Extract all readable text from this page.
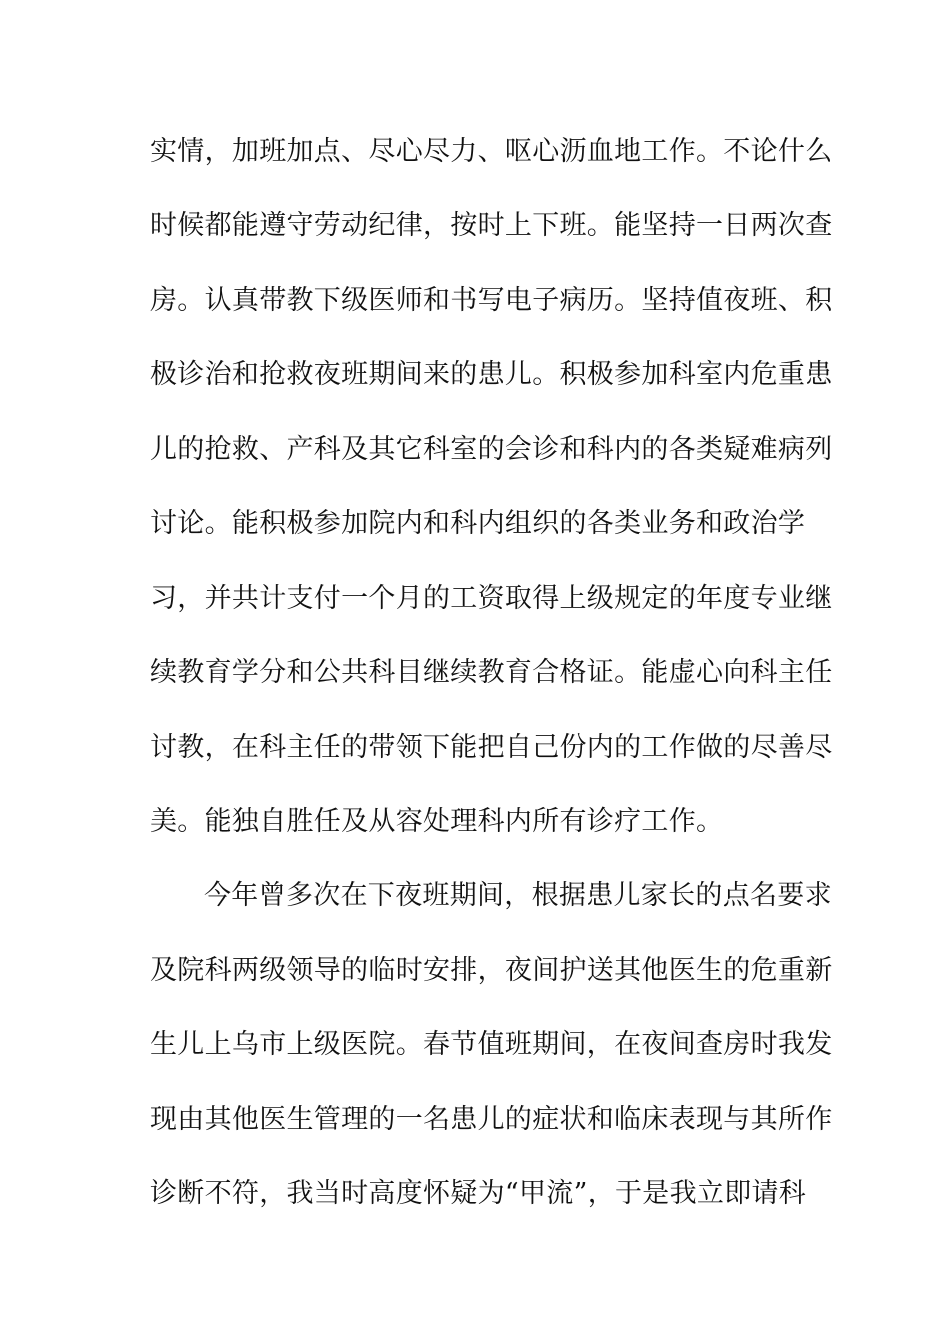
实情，加班加点、尽心尽力、呕心沥血地工作。不论什么
时候都能遵守劳动纪律，按时上下班。能坚持一日两次查
房。认真带教下级医师和书写电子病历。坚持值夜班、积
极诊治和抢救夜班期间来的患儿。积极参加科室内危重患
儿的抢救、产科及其它科室的会诊和科内的各类疑难病列
讨论。能积极参加院内和科内组织的各类业务和政治学
习，并共计支付一个月的工资取得上级规定的年度专业继
续教育学分和公共科目继续教育合格证。能虚心向科主任
讨教，在科主任的带领下能把自己份内的工作做的尽善尽
美。能独自胜任及从容处理科内所有诊疗工作。
今年曾多次在下夜班期间，根据患儿家长的点名要求
及院科两级领导的临时安排，夜间护送其他医生的危重新
生儿上乌市上级医院。春节值班期间，在夜间查房时我发
现由其他医生管理的一名患儿的症状和临床表现与其所作
诊断不符，我当时高度怀疑为“甲流”，于是我立即请科
